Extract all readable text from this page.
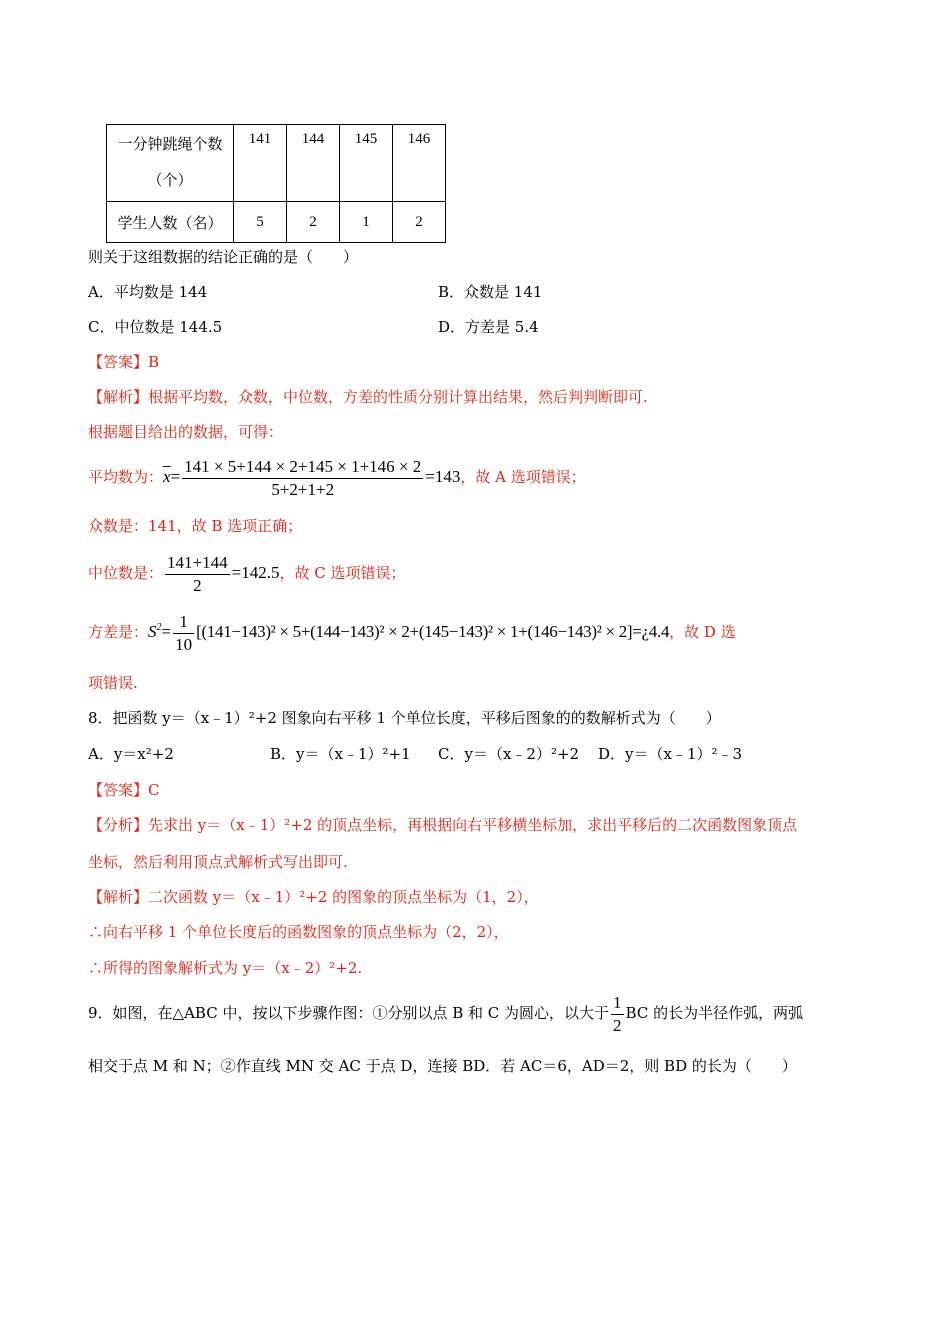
一分钟跳绳个数
（个）	141	144	145	146
学生人数（名）	5	2	1	2
则关于这组数据的结论正确的是（　　）
A．平均数是 144	B．众数是 141
C．中位数是 144.5	D．方差是 5.4
【答案】B
【解析】根据平均数，众数，中位数，方差的性质分别计算出结果，然后判判断即可.
根据题目给出的数据，可得：
平均数为：$\overline{x}= \frac{141 \times 5+144 \times 2+145 \times 1+146 \times 2}{5+2+1+2} =143$，故 A 选项错误；
众数是：141，故 B 选项正确；
中位数是： $\frac{141+144}{2} =142.5$，故 C 选项错误；
方差是：$S^2= \frac{1}{10} [(141-143)^2 \times 5+(144-143)^2 \times 2+(145-143)^2 \times 1+(146-143)^2$ × 2]=¿4.4，故 D 选
项错误.
8．把函数 y＝（x﹣1）²+2 图象向右平移 1 个单位长度，平移后图象的的数解析式为（　　）
A．y＝x²+2	B．y＝（x﹣1）²+1 C．y＝（x﹣2）²+2 D．y＝（x﹣1）²﹣3
【答案】C
【分析】先求出 y＝（x﹣1）²+2 的顶点坐标，再根据向右平移横坐标加，求出平移后的二次函数图象顶点
坐标，然后利用顶点式解析式写出即可.
【解析】二次函数 y＝（x﹣1）²+2 的图象的顶点坐标为（1，2），
∴向右平移 1 个单位长度后的函数图象的顶点坐标为（2，2），
∴所得的图象解析式为 y＝（x﹣2）²+2.
9．如图，在△ABC 中，按以下步骤作图：①分别以点 B 和 C 为圆心，以大于 $\frac{1}{2}$ BC 的长为半径作弧，两弧
相交于点 M 和 N；②作直线 MN 交 AC 于点 D，连接 BD．若 AC＝6，AD＝2，则 BD 的长为（　　）
